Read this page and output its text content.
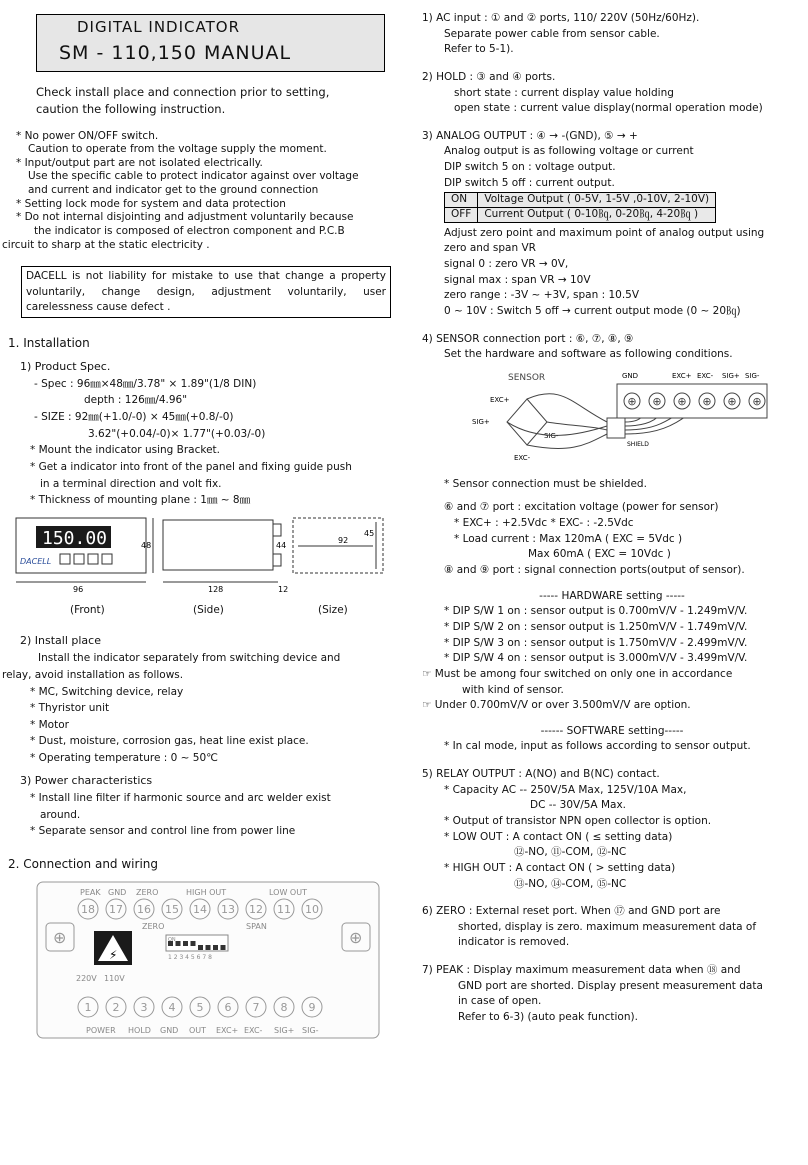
DIGITAL INDICATOR
SM - 110,150 MANUAL
Check install place and connection prior to setting,
caution the following instruction.
* No power ON/OFF switch.
Caution to operate from the voltage supply the moment.
* Input/output part are not isolated electrically.
Use the specific cable to protect indicator against over voltage
and current and indicator get to the ground connection
* Setting lock mode for system and data protection
* Do not internal disjointing and adjustment voluntarily because
the indicator is composed of electron component and P.C.B
circuit to sharp at the static electricity .
DACELL is not liability for mistake to use that change a property voluntarily, change design, adjustment voluntarily, user carelessness cause defect .
1. Installation
1) Product Spec.
- Spec : 96㎜×48㎜/3.78" × 1.89"(1/8 DIN)
depth : 126㎜/4.96"
- SIZE : 92㎜(+1.0/-0) × 45㎜(+0.8/-0)
3.62"(+0.04/-0)× 1.77"(+0.03/-0)
* Mount the indicator using Bracket.
* Get a indicator into front of the panel and fixing guide push
in a terminal direction and volt fix.
* Thickness of mounting plane : 1㎜ ~ 8㎜
150.00
DACELL
96
48
128
44
12
92
45
(Front)	(Side)	(Size)
2) Install place
Install the indicator separately from switching device and
relay, avoid installation as follows.
* MC, Switching device, relay
* Thyristor unit
* Motor
* Dust, moisture, corrosion gas, heat line exist place.
* Operating temperature : 0 ~ 50℃
3) Power characteristics
* Install line filter if harmonic source and arc welder exist
around.
* Separate sensor and control line from power line
2. Connection and wiring
PEAK GND ZERO	HIGH OUT	LOW OUT
18 17 16 15 14 13 12 11 10
⊕	⊕
⚡
ZERO	SPAN
ON
1 2 3 4 5 6 7 8
220V 110V
1 2 3 4 5 6 7 8 9
POWER HOLD GND OUT EXC+ EXC- SIG+ SIG-

1) AC input : ① and ② ports, 110/ 220V (50Hz/60Hz).

Separate power cable from sensor cable.

Refer to 5-1).

2) HOLD : ③ and ④ ports.

short state : current display value holding

open state : current value display(normal operation mode)

3) ANALOG OUTPUT : ④ → -(GND), ⑤ → +

Analog output is as following voltage or current

DIP switch 5 on : voltage output.

DIP switch 5 off : current output.

ON	Voltage Output ( 0-5V, 1-5V ,0-10V, 2-10V)
OFF	Current Output ( 0-10㏃, 0-20㏃, 4-20㏃ )

Adjust zero point and maximum point of analog output using

zero and span VR

signal 0 : zero VR → 0V,

signal max : span VR → 10V

zero range : -3V ~ +3V, span : 10.5V

0 ~ 10V : Switch 5 off → current output mode (0 ~ 20㏃)

4) SENSOR connection port : ⑥, ⑦, ⑧, ⑨

Set the hardware and software as following conditions.

SENSOR
EXC+
SIG+
SIG-
EXC-
⊕ ⊕ ⊕ ⊕ ⊕ ⊕
GND	EXC+ EXC- SIG+ SIG-
SHIELD

* Sensor connection must be shielded.

⑥ and ⑦ port : excitation voltage (power for sensor)

* EXC+ : +2.5Vdc * EXC- : -2.5Vdc

* Load current : Max 120mA ( EXC = 5Vdc )

Max 60mA ( EXC = 10Vdc )

⑧ and ⑨ port : signal connection ports(output of sensor).

----- HARDWARE setting -----

* DIP S/W 1 on : sensor output is 0.700mV/V - 1.249mV/V.

* DIP S/W 2 on : sensor output is 1.250mV/V - 1.749mV/V.

* DIP S/W 3 on : sensor output is 1.750mV/V - 2.499mV/V.

* DIP S/W 4 on : sensor output is 3.000mV/V - 3.499mV/V.

☞ Must be among four switched on only one in accordance

with kind of sensor.

☞ Under 0.700mV/V or over 3.500mV/V are option.

------ SOFTWARE setting-----

* In cal mode, input as follows according to sensor output.

5) RELAY OUTPUT : A(NO) and B(NC) contact.

* Capacity AC -- 250V/5A Max, 125V/10A Max,

DC -- 30V/5A Max.

* Output of transistor NPN open collector is option.

* LOW OUT : A contact ON ( ≤ setting data)

⑫-NO, ⑪-COM, ⑫-NC

* HIGH OUT : A contact ON ( > setting data)

⑬-NO, ⑭-COM, ⑮-NC

6) ZERO : External reset port. When ⑰ and GND port are

shorted, display is zero. maximum measurement data of

indicator is removed.

7) PEAK : Display maximum measurement data when ⑱ and

GND port are shorted. Display present measurement data

in case of open.

Refer to 6-3) (auto peak function).
